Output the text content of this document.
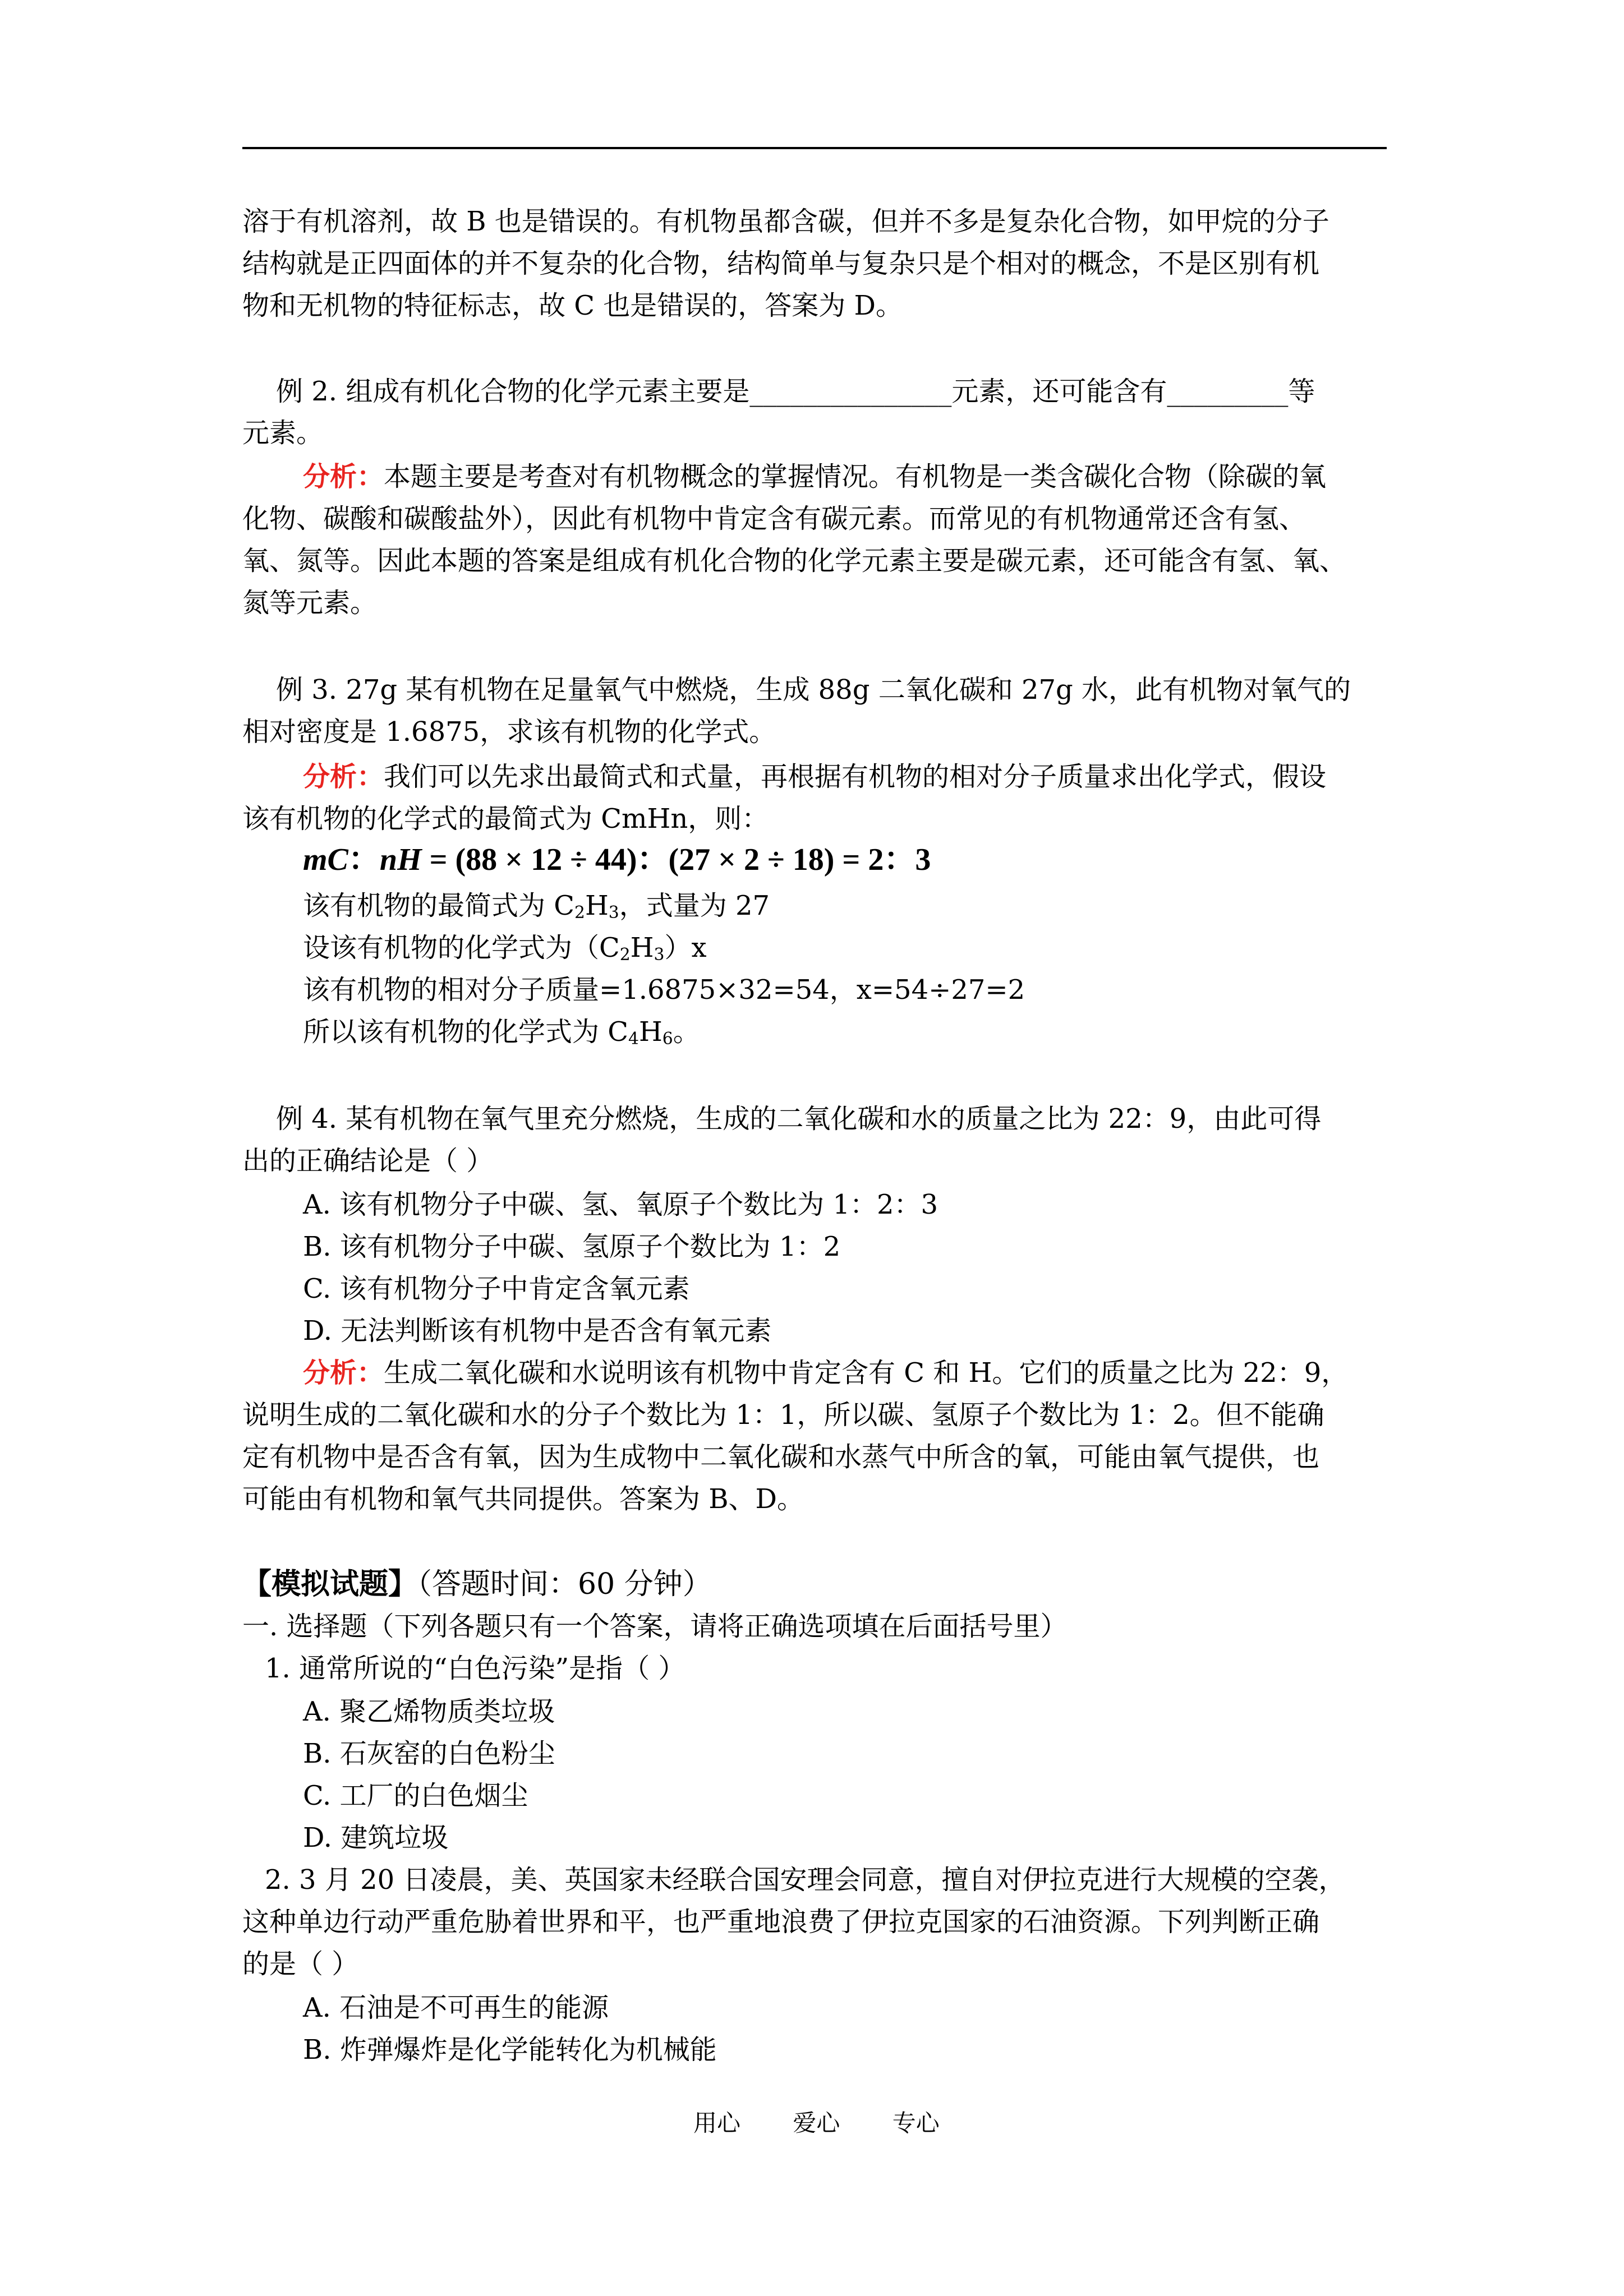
溶于有机溶剂，故 B 也是错误的。有机物虽都含碳，但并不多是复杂化合物，如甲烷的分子
结构就是正四面体的并不复杂的化合物，结构简单与复杂只是个相对的概念，不是区别有机
物和无机物的特征标志，故 C 也是错误的，答案为 D。
例 2. 组成有机化合物的化学元素主要是_______________元素，还可能含有_________等
元素。
分析：本题主要是考查对有机物概念的掌握情况。有机物是一类含碳化合物（除碳的氧
化物、碳酸和碳酸盐外），因此有机物中肯定含有碳元素。而常见的有机物通常还含有氢、
氧、氮等。因此本题的答案是组成有机化合物的化学元素主要是碳元素，还可能含有氢、氧、
氮等元素。
例 3. 27g 某有机物在足量氧气中燃烧，生成 88g 二氧化碳和 27g 水，此有机物对氧气的
相对密度是 1.6875，求该有机物的化学式。
分析：我们可以先求出最简式和式量，再根据有机物的相对分子质量求出化学式，假设
该有机物的化学式的最简式为 CmHn，则：
mC：nH = (88 × 12 ÷ 44)：(27 × 2 ÷ 18) = 2：3
该有机物的最简式为 $C_2H_3$，式量为 27
设该有机物的化学式为$(C_2H_3)x$
该有机物的相对分子质量=1.6875×32=54，x=54÷27=2
所以该有机物的化学式为 $C_4H_6$。
例 4. 某有机物在氧气里充分燃烧，生成的二氧化碳和水的质量之比为 22：9，由此可得
出的正确结论是（ ）
A. 该有机物分子中碳、氢、氧原子个数比为 1：2：3
B. 该有机物分子中碳、氢原子个数比为 1：2
C. 该有机物分子中肯定含氧元素
D. 无法判断该有机物中是否含有氧元素
分析：生成二氧化碳和水说明该有机物中肯定含有 C 和 H。它们的质量之比为 22：9，
说明生成的二氧化碳和水的分子个数比为 1：1，所以碳、氢原子个数比为 1：2。但不能确
定有机物中是否含有氧，因为生成物中二氧化碳和水蒸气中所含的氧，可能由氧气提供，也
可能由有机物和氧气共同提供。答案为 B、D。
【模拟试题】（答题时间：60 分钟）
一. 选择题（下列各题只有一个答案，请将正确选项填在后面括号里）
1. 通常所说的“白色污染”是指（ ）
A. 聚乙烯物质类垃圾
B. 石灰窑的白色粉尘
C. 工厂的白色烟尘
D. 建筑垃圾
2. 3 月 20 日凌晨，美、英国家未经联合国安理会同意，擅自对伊拉克进行大规模的空袭，
这种单边行动严重危胁着世界和平，也严重地浪费了伊拉克国家的石油资源。下列判断正确
的是（ ）
A. 石油是不可再生的能源
B. 炸弹爆炸是化学能转化为机械能
用心 爱心 专心
